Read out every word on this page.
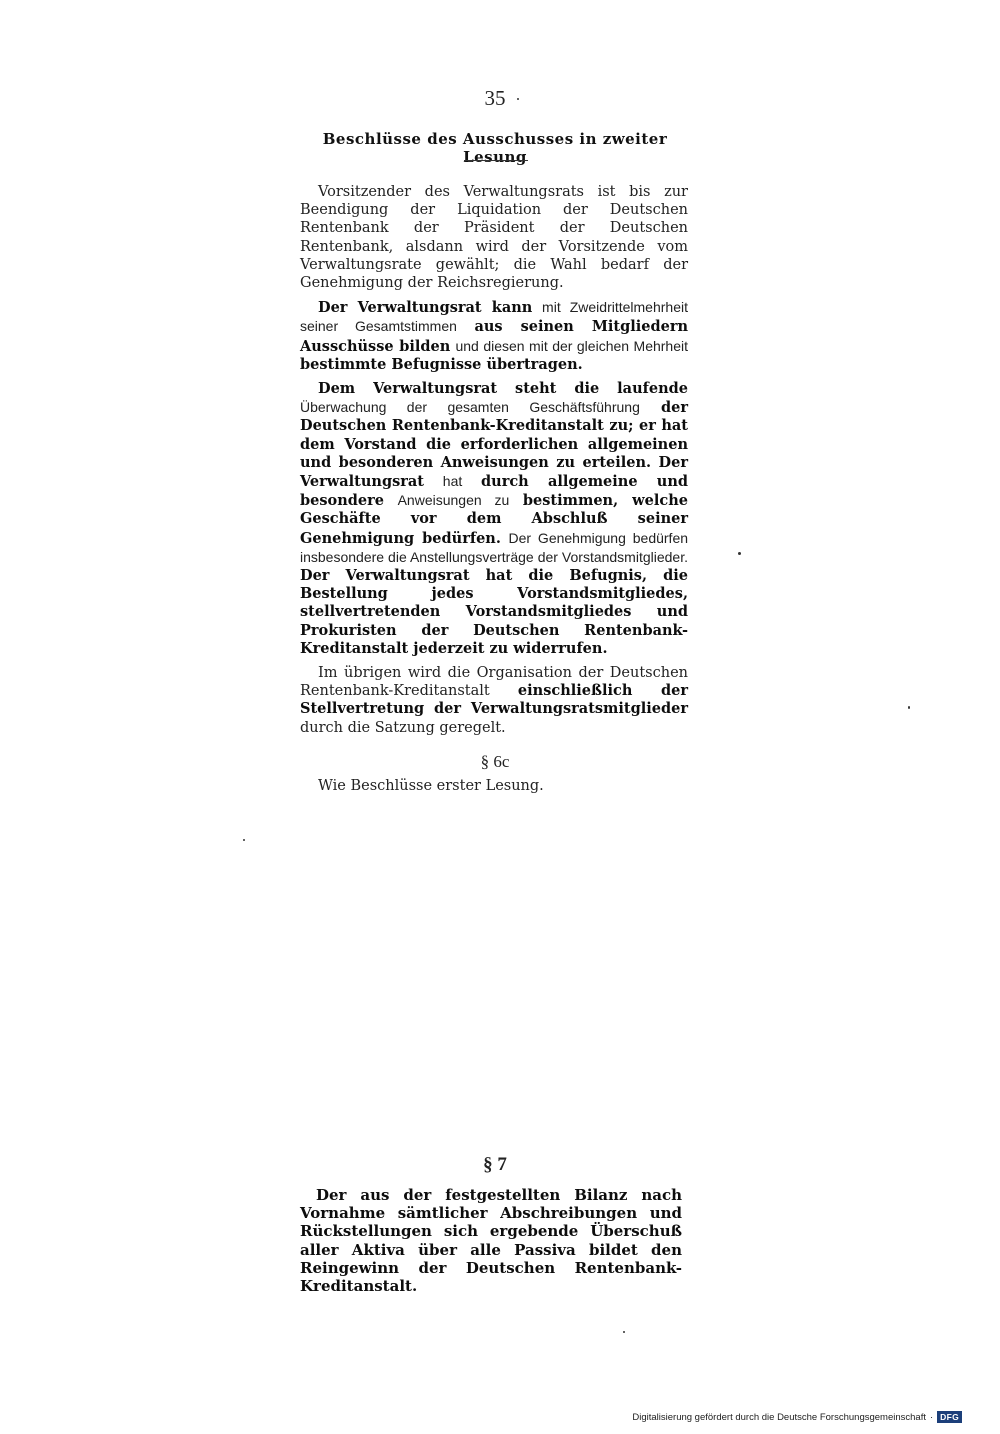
35
Beschlüsse des Ausschusses in zweiter Lesung

Vorsitzender des Verwaltungsrats ist bis zur Beendigung der Liquidation der Deutschen Rentenbank der Präsident der Deutschen Rentenbank, alsdann wird der Vorsitzende vom Verwaltungsrate gewählt; die Wahl bedarf der Genehmigung der Reichsregierung.

Der Verwaltungsrat kann mit Zweidrittelmehrheit seiner Gesamtstimmen aus seinen Mitgliedern Ausschüsse bilden und diesen mit der gleichen Mehrheit bestimmte Befugnisse übertragen.

Dem Verwaltungsrat steht die laufende Überwachung der gesamten Geschäftsführung der Deutschen Rentenbank-Kreditanstalt zu; er hat dem Vorstand die erforderlichen allgemeinen und besonderen Anweisungen zu erteilen. Der Verwaltungsrat hat durch allgemeine und besondere Anweisungen zu bestimmen, welche Geschäfte vor dem Abschluß seiner Genehmigung bedürfen. Der Genehmigung bedürfen insbesondere die Anstellungsverträge der Vorstandsmitglieder. Der Verwaltungsrat hat die Befugnis, die Bestellung jedes Vorstandsmitgliedes, stellvertretenden Vorstandsmitgliedes und Prokuristen der Deutschen Rentenbank-Kreditanstalt jederzeit zu widerrufen.

Im übrigen wird die Organisation der Deutschen Rentenbank-Kreditanstalt einschließlich der Stellvertretung der Verwaltungsratsmitglieder durch die Satzung geregelt.

§ 6c
Wie Beschlüsse erster Lesung.
§ 7
Der aus der festgestellten Bilanz nach Vornahme sämtlicher Abschreibungen und Rückstellungen sich ergebende Überschuß aller Aktiva über alle Passiva bildet den Reingewinn der Deutschen Rentenbank-Kreditanstalt.
Digitalisierung gefördert durch die Deutsche Forschungsgemeinschaft · DFG
